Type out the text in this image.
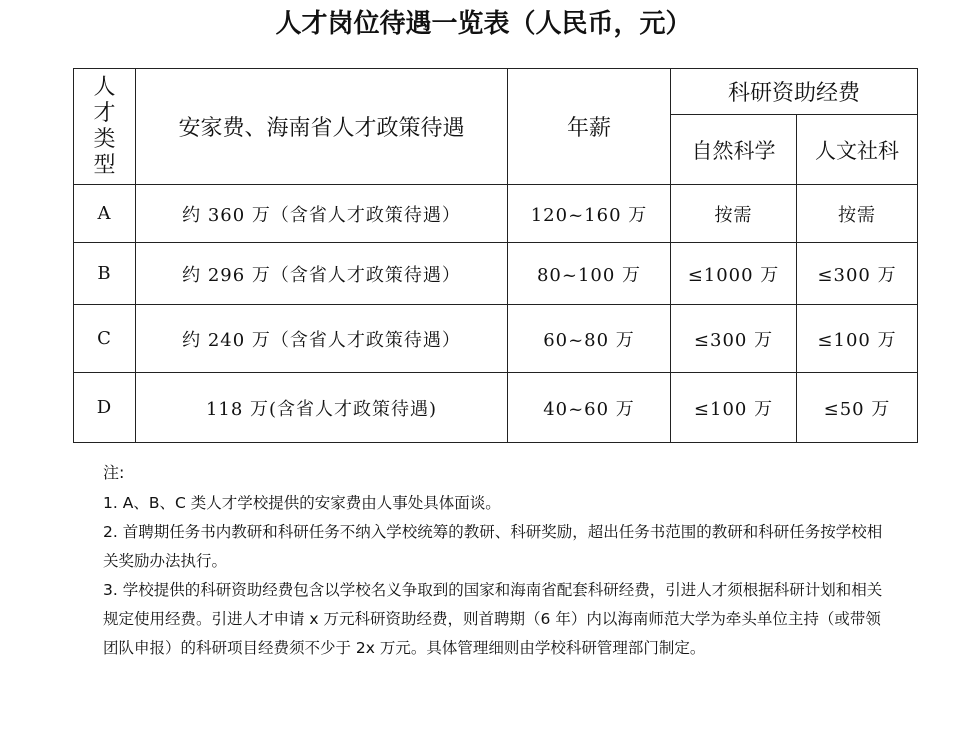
人才岗位待遇一览表（人民币，元）
人
才
类
型	安家费、海南省人才政策待遇	年薪	科研资助经费	
			自然科学	人文社科
A	约 360 万（含省人才政策待遇）	120~160 万	按需	按需
B	约 296 万（含省人才政策待遇）	80~100 万	≤1000 万	≤300 万
C	约 240 万（含省人才政策待遇）	60~80 万	≤300 万	≤100 万
D	118 万(含省人才政策待遇)	40~60 万	≤100 万	≤50 万

注:

1. A、B、C 类人才学校提供的安家费由人事处具体面谈。

2. 首聘期任务书内教研和科研任务不纳入学校统筹的教研、科研奖励，超出任务书范围的教研和科研任务按学校相关奖励办法执行。

3. 学校提供的科研资助经费包含以学校名义争取到的国家和海南省配套科研经费，引进人才须根据科研计划和相关规定使用经费。引进人才申请 x 万元科研资助经费，则首聘期（6 年）内以海南师范大学为牵头单位主持（或带领团队申报）的科研项目经费须不少于 2x 万元。具体管理细则由学校科研管理部门制定。
